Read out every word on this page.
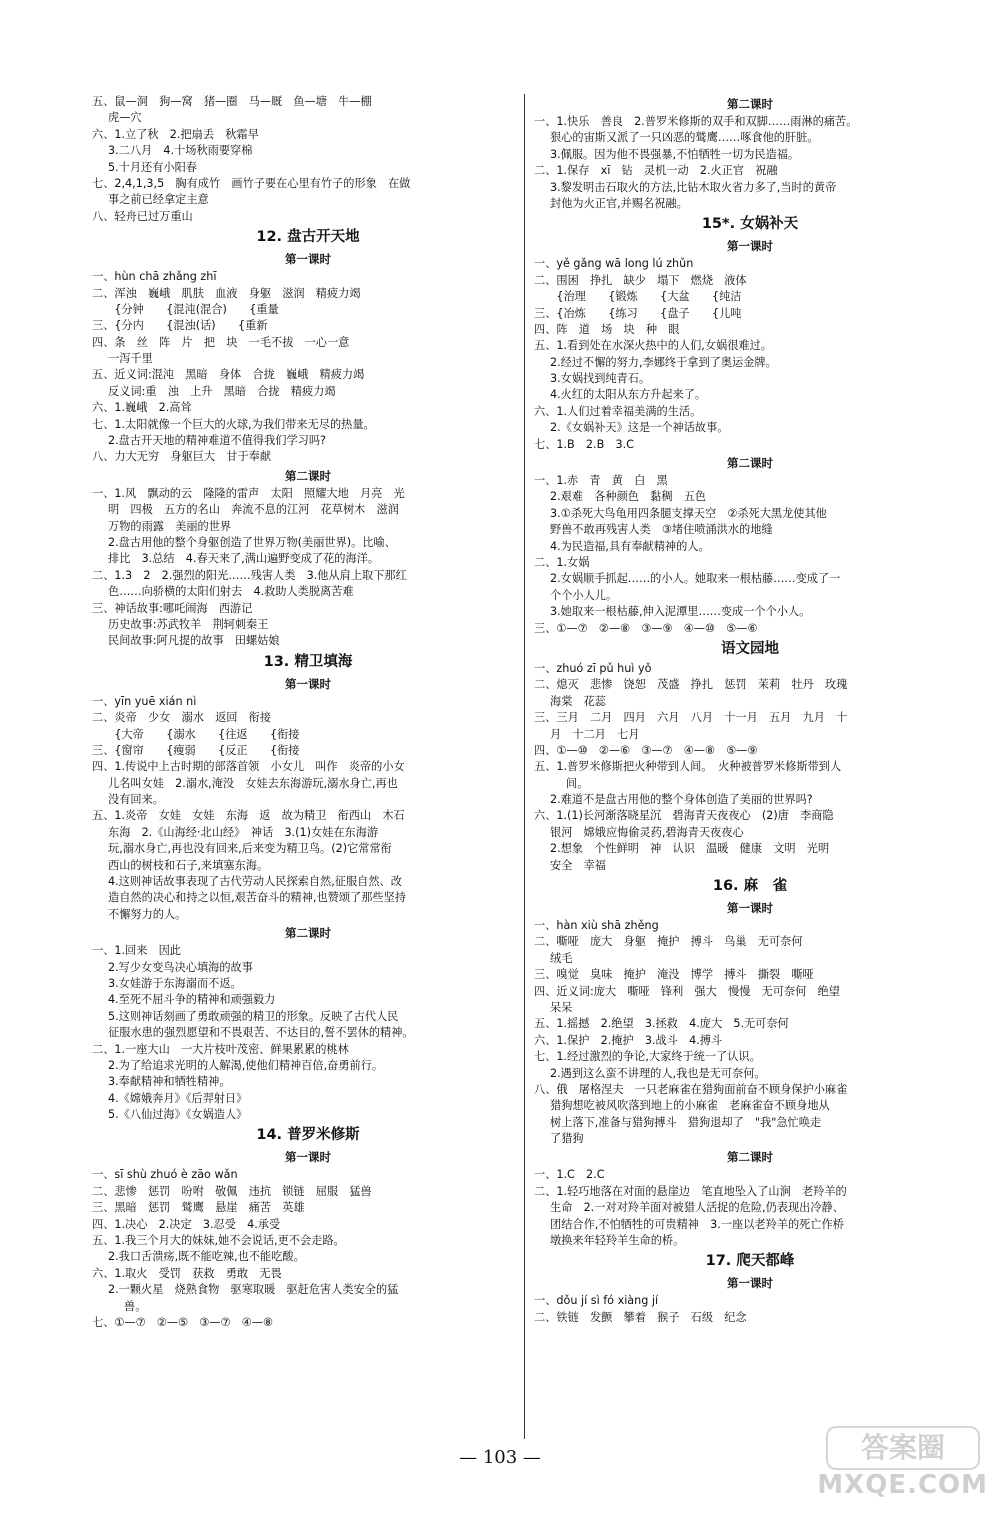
五、鼠—洞　狗—窝　猪—圈　马—厩　鱼—塘　牛—棚
虎—穴
六、1.立了秋　2.把扇丢　秋霜早
3.二八月　4.十场秋雨要穿棉
5.十月还有小阳春
七、2,4,1,3,5　胸有成竹　画竹子要在心里有竹子的形象　在做
事之前已经拿定主意
八、轻舟已过万重山
12. 盘古开天地
第一课时
一、hùn chā zhǎng zhī
二、浑浊　巍峨　肌肤　血液　身躯　滋润　精疲力竭
　　{分钟　　{混沌(混合)　　{重量
三、{分内　　{混浊(话)　　{重新
四、条　丝　阵　片　把　块　一毛不拔　一心一意
一泻千里
五、近义词:混沌　黑暗　身体　合拢　巍峨　精疲力竭
反义词:重　浊　上升　黑暗　合拢　精疲力竭
六、1.巍峨　2.高耸
七、1.太阳就像一个巨大的火球,为我们带来无尽的热量。
2.盘古开天地的精神难道不值得我们学习吗?
八、力大无穷　身躯巨大　甘于奉献
第二课时
一、1.风　飘动的云　隆隆的雷声　太阳　照耀大地　月亮　光
明　四极　五方的名山　奔流不息的江河　花草树木　滋润
万物的雨露　美丽的世界
2.盘古用他的整个身躯创造了世界万物(美丽世界)。比喻、
排比　3.总结　4.春天来了,满山遍野变成了花的海洋。
二、1.3　2　2.强烈的阳光……残害人类　3.他从肩上取下那红
色……向骄横的太阳们射去　4.救助人类脱离苦难
三、神话故事:哪吒闹海　西游记
历史故事:苏武牧羊　荆轲刺秦王
民间故事:阿凡提的故事　田螺姑娘
13. 精卫填海
第一课时
一、yīn yuē xián nì
二、炎帝　少女　溺水　返回　衔接
　　{大帝　　{溺水　　{往返　　{衔接
三、{窗帘　　{瘦弱　　{反正　　{衔接
四、1.传说中上古时期的部落首领　小女儿　叫作　炎帝的小女
儿名叫女娃　2.溺水,淹没　女娃去东海游玩,溺水身亡,再也
没有回来。
五、1.炎帝　女娃　女娃　东海　返　故为精卫　衔西山　木石
东海　2.《山海经·北山经》　神话　3.(1)女娃在东海游
玩,溺水身亡,再也没有回来,后来变为精卫鸟。(2)它常常衔
西山的树枝和石子,来填塞东海。
4.这则神话故事表现了古代劳动人民探索自然,征服自然、改
造自然的决心和持之以恒,艰苦奋斗的精神,也赞颂了那些坚持
不懈努力的人。
第二课时
一、1.回来　因此
2.写少女变鸟决心填海的故事
3.女娃游于东海溺而不返。
4.至死不屈斗争的精神和顽强毅力
5.这则神话刻画了勇敢顽强的精卫的形象。反映了古代人民
征服水患的强烈愿望和不畏艰苦、不达目的,誓不罢休的精神。
二、1.一座大山　一大片枝叶茂密、鲜果累累的桃林
2.为了给追求光明的人解渴,使他们精神百倍,奋勇前行。
3.奉献精神和牺牲精神。
4.《嫦娥奔月》《后羿射日》
5.《八仙过海》《女娲造人》
14. 普罗米修斯
第一课时
一、sī shù zhuó è zāo wǎn
二、悲惨　惩罚　吩咐　敬佩　违抗　锁链　屈服　猛兽
三、黑暗　惩罚　鹫鹰　悬崖　痛苦　英雄
四、1.决心　2.决定　3.忍受　4.承受
五、1.我三个月大的妹妹,她不会说话,更不会走路。
2.我口舌溃疡,既不能吃辣,也不能吃酸。
六、1.取火　受罚　获救　勇敢　无畏
2.一颗火星　烧熟食物　驱寒取暖　驱赶危害人类安全的猛
兽。
七、①—⑦　②—⑤　③—⑦　④—⑧
第二课时
一、1.快乐　善良　2.普罗米修斯的双手和双脚……雨淋的痛苦。
狠心的宙斯又派了一只凶恶的鹫鹰……啄食他的肝脏。
3.佩服。因为他不畏强暴,不怕牺牲一切为民造福。
二、1.保存　xī　钻　灵机一动　2.火正官　祝融
3.黎发明击石取火的方法,比钻木取火省力多了,当时的黄帝
封他为火正官,并赐名祝融。
15*. 女娲补天
第一课时
一、yě gǎng wā long lú zhǔn
二、围困　挣扎　缺少　塌下　燃烧　液体
　　{治理　　{锻炼　　{大盆　　{纯洁
三、{冶炼　　{练习　　{盘子　　{儿吨
四、阵　道　场　块　种　眼
五、1.看到处在水深火热中的人们,女娲很难过。
2.经过不懈的努力,李娜终于拿到了奥运金牌。
3.女娲找到纯青石。
4.火红的太阳从东方升起来了。
六、1.人们过着幸福美满的生活。
2.《女娲补天》这是一个神话故事。
七、1.B　2.B　3.C
第二课时
一、1.赤　青　黄　白　黑
2.艰难　各种颜色　黏稠　五色
3.①杀死大鸟龟用四条腿支撑天空　②杀死大黑龙使其他
野兽不敢再残害人类　③堵住喷涌洪水的地缝
4.为民造福,具有奉献精神的人。
二、1.女娲
2.女娲顺手抓起……的小人。她取来一根枯藤……变成了一
个个小人儿。
3.她取来一根枯藤,伸入泥潭里……变成一个个小人。
三、①—⑦　②—⑧　③—⑨　④—⑩　⑤—⑥
语文园地
一、zhuó zī pǔ huì yǒ
二、熄灭　悲惨　饶恕　茂盛　挣扎　惩罚　茉莉　牡丹　玫瑰
海棠　花蕊
三、三月　二月　四月　六月　八月　十一月　五月　九月　十
月　十二月　七月
四、①—⑩　②—⑥　③—⑦　④—⑧　⑤—⑨
五、1.普罗米修斯把火种带到人间。　火种被普罗米修斯带到人
间。
2.难道不是盘古用他的整个身体创造了美丽的世界吗?
六、1.(1)长河渐落晓星沉　碧海青天夜夜心　(2)唐　李商隐
银河　嫦娥应悔偷灵药,碧海青天夜夜心
2.想象　个性鲜明　神　认识　温暖　健康　文明　光明
安全　幸福
16. 麻　雀
第一课时
一、hàn xiù shā zhěng
二、嘶哑　庞大　身躯　掩护　搏斗　鸟巢　无可奈何
绒毛
三、嗅觉　臭味　掩护　淹没　博学　搏斗　撕裂　嘶哑
四、近义词:庞大　嘶哑　锋利　强大　慢慢　无可奈何　绝望
呆呆
五、1.摇撼　2.绝望　3.拯救　4.庞大　5.无可奈何
六、1.保护　2.掩护　3.战斗　4.搏斗
七、1.经过激烈的争论,大家终于统一了认识。
2.遇到这么蛮不讲理的人,我也是无可奈何。
八、俄　屠格涅夫　一只老麻雀在猎狗面前奋不顾身保护小麻雀
猎狗想吃被风吹落到地上的小麻雀　老麻雀奋不顾身地从
树上落下,准备与猎狗搏斗　猎狗退却了　"我"急忙唤走
了猎狗
第二课时
一、1.C　2.C
二、1.轻巧地落在对面的悬崖边　笔直地坠入了山涧　老羚羊的
生命　2.一对对羚羊面对被猎人活捉的危险,仍表现出冷静、
团结合作,不怕牺牲的可贵精神　3.一座以老羚羊的死亡作桥
墩换来年轻羚羊生命的桥。
17. 爬天都峰
第一课时
一、dǒu jí sì fó xiàng jí
二、铁链　发颤　攀着　猴子　石级　纪念
— 103 —	答案圈
MXQE.COM
